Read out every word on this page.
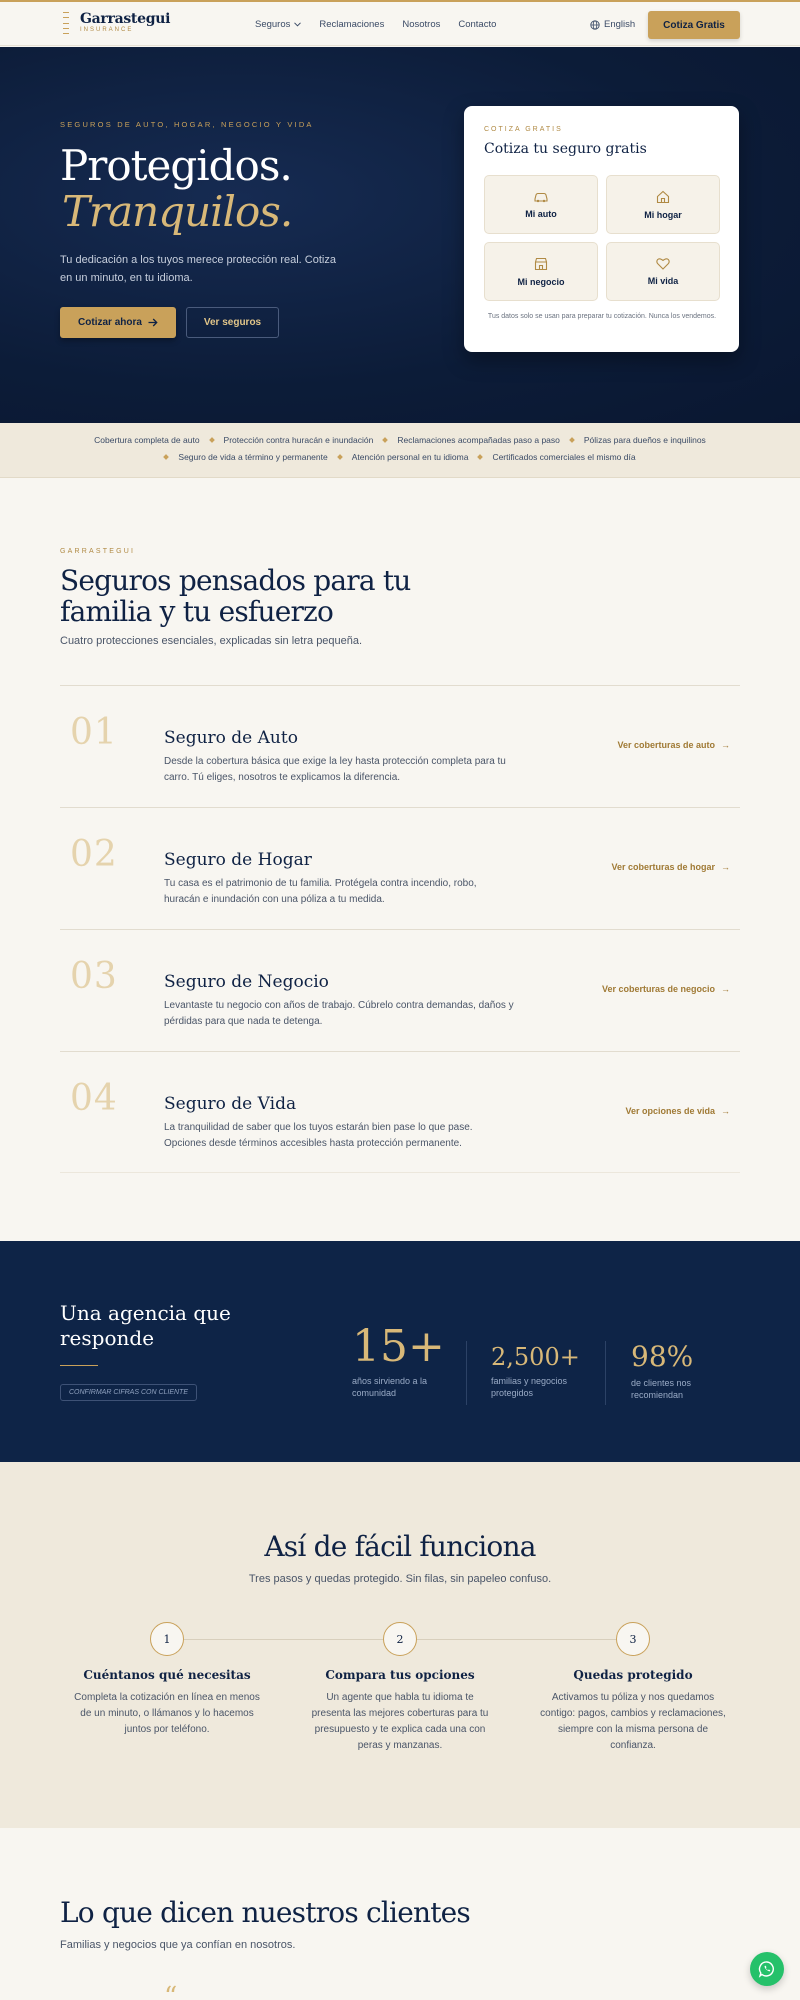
Garrastegui
INSURANCE	Seguros	Reclamaciones Nosotros Contacto	English	Cotiza Gratis
SEGUROS DE AUTO, HOGAR, NEGOCIO Y VIDA
Protegidos.
Tranquilos.
Tu dedicación a los tuyos merece protección real. Cotiza en un minuto, en tu idioma.
Cotizar ahora	Ver seguros
COTIZA GRATIS
Cotiza tu seguro gratis
Mi auto	Mi hogar
Mi negocio	Mi vida
Tus datos solo se usan para preparar tu cotización. Nunca los vendemos.
Cobertura completa de auto	Protección contra huracán e inundación	Reclamaciones acompañadas paso a paso	Pólizas para dueños e inquilinos
Seguro de vida a término y permanente	Atención personal en tu idioma	Certificados comerciales el mismo día
GARRASTEGUI
Seguros pensados para tu familia y tu esfuerzo
Cuatro protecciones esenciales, explicadas sin letra pequeña.
01	Seguro de Auto
Desde la cobertura básica que exige la ley hasta protección completa para tu carro. Tú eliges, nosotros te explicamos la diferencia.
Ver coberturas de auto →
02	Seguro de Hogar
Tu casa es el patrimonio de tu familia. Protégela contra incendio, robo, huracán e inundación con una póliza a tu medida.
Ver coberturas de hogar →
03	Seguro de Negocio
Levantaste tu negocio con años de trabajo. Cúbrelo contra demandas, daños y pérdidas para que nada te detenga.
Ver coberturas de negocio →
04	Seguro de Vida
La tranquilidad de saber que los tuyos estarán bien pase lo que pase. Opciones desde términos accesibles hasta protección permanente.
Ver opciones de vida →
Una agencia que responde
CONFIRMAR CIFRAS CON CLIENTE
15+
años sirviendo a la comunidad
2,500+
familias y negocios protegidos
98%
de clientes nos recomiendan
Así de fácil funciona
Tres pasos y quedas protegido. Sin filas, sin papeleo confuso.
1
Cuéntanos qué necesitas
Completa la cotización en línea en menos de un minuto, o llámanos y lo hacemos juntos por teléfono.
2
Compara tus opciones
Un agente que habla tu idioma te presenta las mejores coberturas para tu presupuesto y te explica cada una con peras y manzanas.
3
Quedas protegido
Activamos tu póliza y nos quedamos contigo: pagos, cambios y reclamaciones, siempre con la misma persona de confianza.
Lo que dicen nuestros clientes
Familias y negocios que ya confían en nosotros.
“
